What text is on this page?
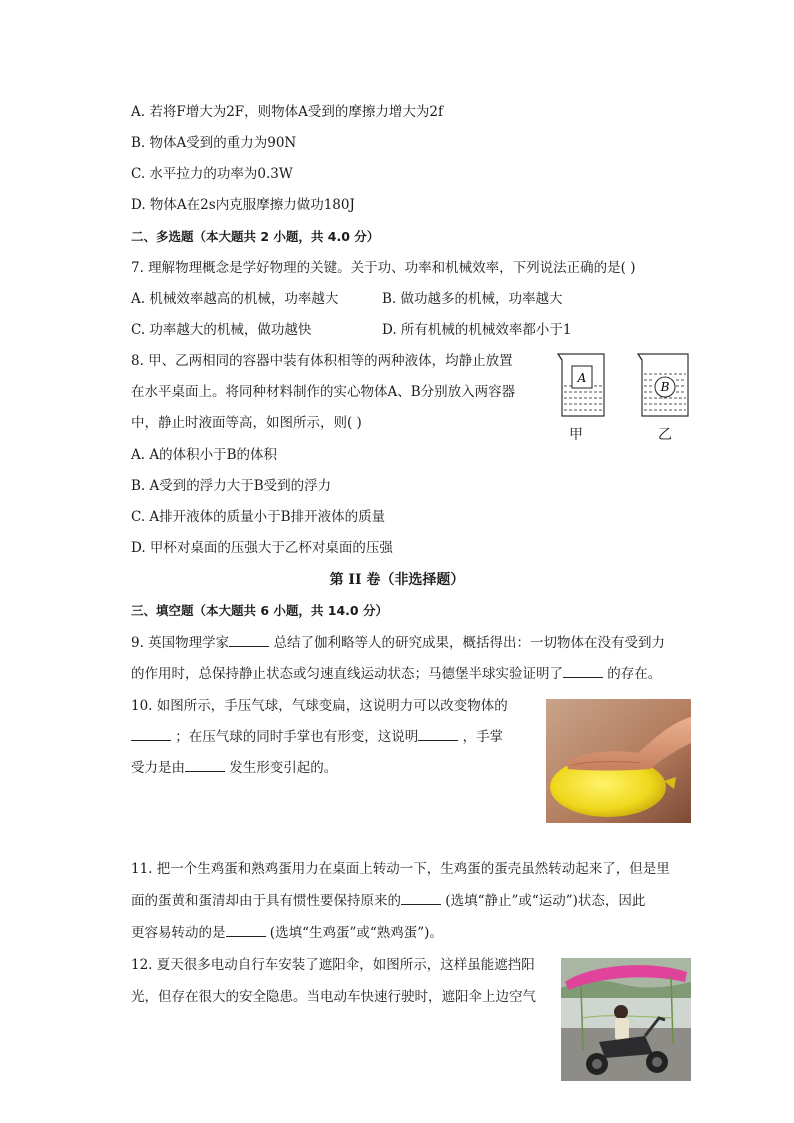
A. 若将F增大为2F，则物体A受到的摩擦力增大为2f
B. 物体A受到的重力为90N
C. 水平拉力的功率为0.3W
D. 物体A在2s内克服摩擦力做功180J
二、多选题（本大题共 2 小题，共 4.0 分）
7. 理解物理概念是学好物理的关键。关于功、功率和机械效率，下列说法正确的是( )
A. 机械效率越高的机械，功率越大	B. 做功越多的机械，功率越大
C. 功率越大的机械，做功越快	D. 所有机械的机械效率都小于1
8. 甲、乙两相同的容器中装有体积相等的两种液体，均静止放置
在水平桌面上。将同种材料制作的实心物体A、B分别放入两容器
中，静止时液面等高，如图所示，则( )
A. A的体积小于B的体积
B. A受到的浮力大于B受到的浮力
C. A排开液体的质量小于B排开液体的质量
D. 甲杯对桌面的压强大于乙杯对桌面的压强
A
B
甲	乙
第 II 卷（非选择题）
三、填空题（本大题共 6 小题，共 14.0 分）
9. 英国物理学家	总结了伽利略等人的研究成果，概括得出：一切物体在没有受到力
的作用时，总保持静止状态或匀速直线运动状态；马德堡半球实验证明了	的存在。
10. 如图所示，手压气球，气球变扁，这说明力可以改变物体的
；在压气球的同时手掌也有形变，这说明	，手掌
受力是由	发生形变引起的。
11. 把一个生鸡蛋和熟鸡蛋用力在桌面上转动一下，生鸡蛋的蛋壳虽然转动起来了，但是里
面的蛋黄和蛋清却由于具有惯性要保持原来的	(选填“静止”或“运动”)状态，因此
更容易转动的是	(选填“生鸡蛋”或“熟鸡蛋”)。
12. 夏天很多电动自行车安装了遮阳伞，如图所示，这样虽能遮挡阳
光，但存在很大的安全隐患。当电动车快速行驶时，遮阳伞上边空气
